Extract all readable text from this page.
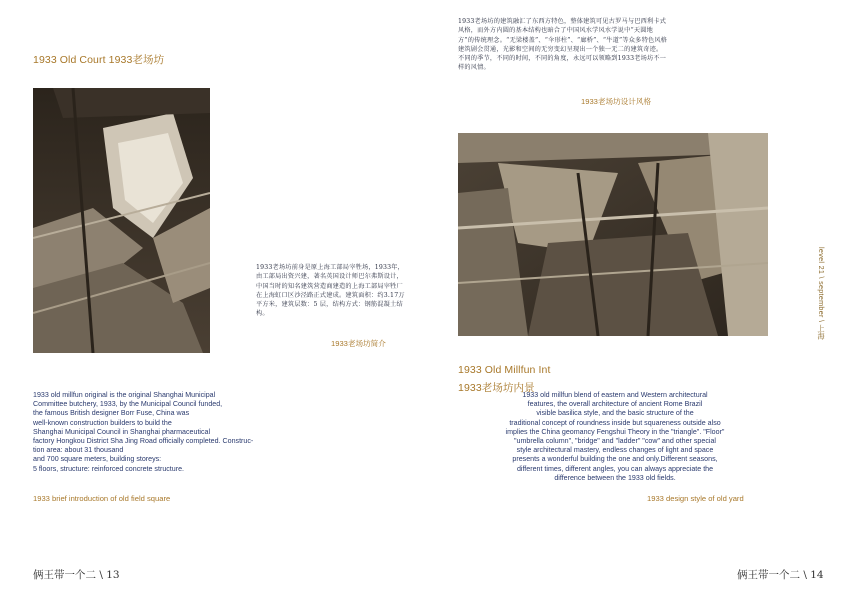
1933 Old Court 1933老场坊
1933老场坊前身是原上海工部局宰牲场，1933年，由工部局出资兴建，著名英国设计师巴尔弗斯设计，中国当时的知名建筑营造商建造的上海工部局宰牲厂在上海虹口区沙泾路正式建成。建筑面积：约3.17万平方米，建筑层数：5 层，结构方式：钢筋混凝土结构。
1933老场坊简介
1933 old millfun original is the original Shanghai Municipal
Committee butchery, 1933, by the Municipal Council funded,
the famous British designer Borr Fuse, China was
well-known construction builders to build the
Shanghai Municipal Council in Shanghai pharmaceutical
factory Hongkou District Sha Jing Road officially completed. Construc-
tion area: about 31 thousand
and 700 square meters, building storeys:
5 floors, structure: reinforced concrete structure.
1933 brief introduction of old field square
俩王带一个二 \ 13
1933老场坊的建筑融汇了东西方特色，整体建筑可见古罗马与巴西利卡式风格，而外方内圆的基本结构也暗合了中国风水学风水学说中“天圆地方”的传统理念。“无梁楼盖”、“伞形柱”、“廊桥”、“牛道”等众多特色风格建筑剧会贯通，光影和空间的无穷变幻呈现出一个独一无二的建筑奇迹。不同的季节，不同的时间，不同的角度，永远可以领略到1933老场坊不一样的风情。
1933老场坊设计风格
level 21 \ september \ 上海
1933 Old Millfun Int
1933老场坊内景
1933 old millfun blend of eastern and Western architectural
features, the overall architecture of ancient Rome Brazil
visible basilica style, and the basic structure of the
traditional concept of roundness inside but squareness outside also
implies the China geomancy Fengshui Theory in the "triangle". "Floor"
"umbrella column", "bridge" and "ladder" "cow" and other special
style architectural mastery, endless changes of light and space
presents a wonderful building the one and only.Different seasons,
different times, different angles, you can always appreciate the
difference between the 1933 old fields.
1933 design style of old yard
俩王带一个二 \ 14
